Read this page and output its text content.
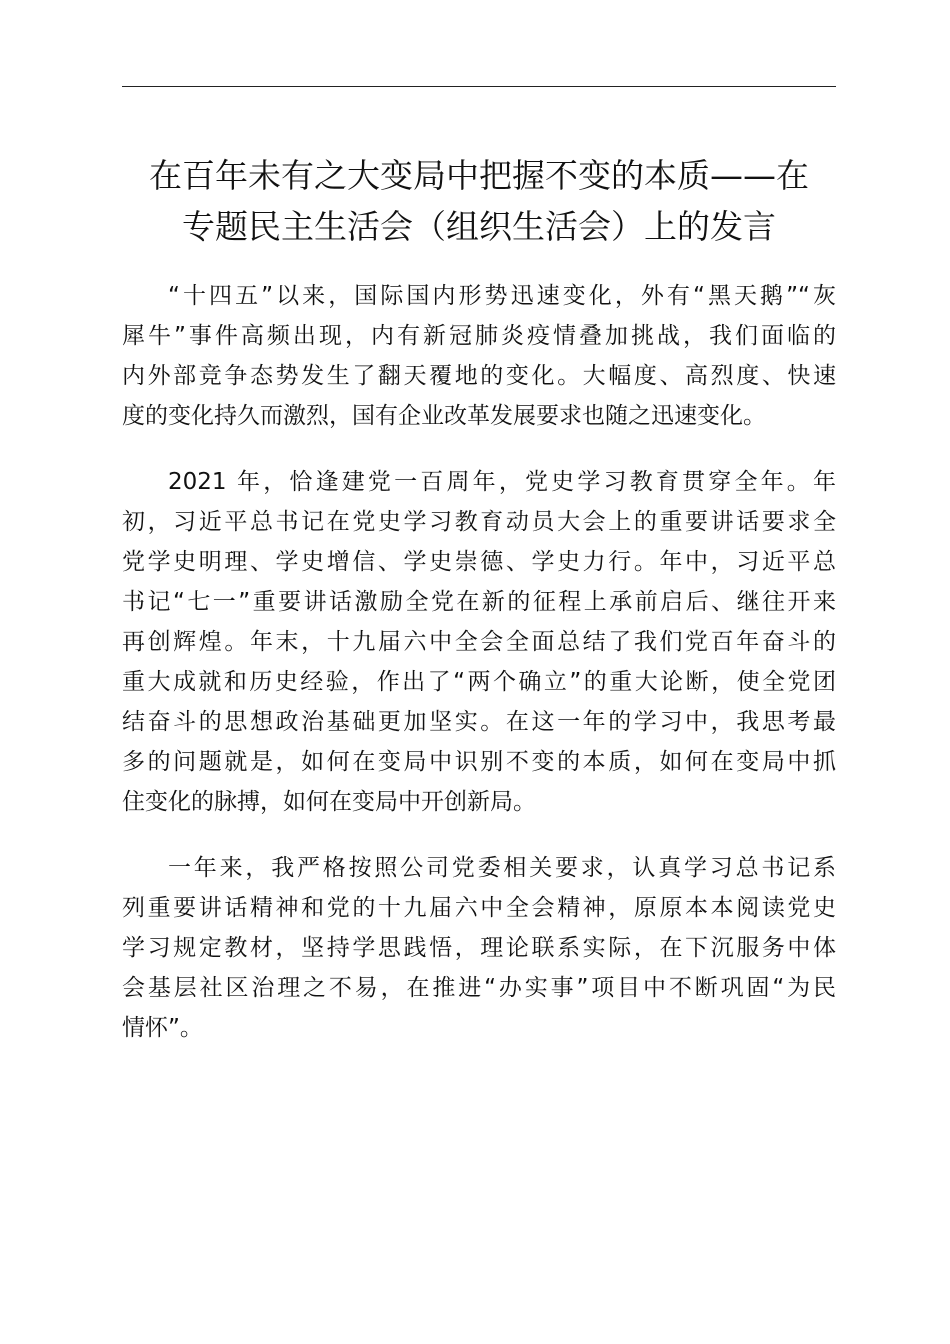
在百年未有之大变局中把握不变的本质——在
专题民主生活会（组织生活会）上的发言

“十四五”以来，国际国内形势迅速变化，外有“黑天鹅”“灰
犀牛”事件高频出现，内有新冠肺炎疫情叠加挑战，我们面临的
内外部竞争态势发生了翻天覆地的变化。大幅度、高烈度、快速
度的变化持久而激烈，国有企业改革发展要求也随之迅速变化。

2021 年，恰逢建党一百周年，党史学习教育贯穿全年。年
初，习近平总书记在党史学习教育动员大会上的重要讲话要求全
党学史明理、学史增信、学史崇德、学史力行。年中，习近平总
书记“七一”重要讲话激励全党在新的征程上承前启后、继往开来
再创辉煌。年末，十九届六中全会全面总结了我们党百年奋斗的
重大成就和历史经验，作出了“两个确立”的重大论断，使全党团
结奋斗的思想政治基础更加坚实。在这一年的学习中，我思考最
多的问题就是，如何在变局中识别不变的本质，如何在变局中抓
住变化的脉搏，如何在变局中开创新局。

一年来，我严格按照公司党委相关要求，认真学习总书记系
列重要讲话精神和党的十九届六中全会精神，原原本本阅读党史
学习规定教材，坚持学思践悟，理论联系实际，在下沉服务中体
会基层社区治理之不易，在推进“办实事”项目中不断巩固“为民
情怀”。
